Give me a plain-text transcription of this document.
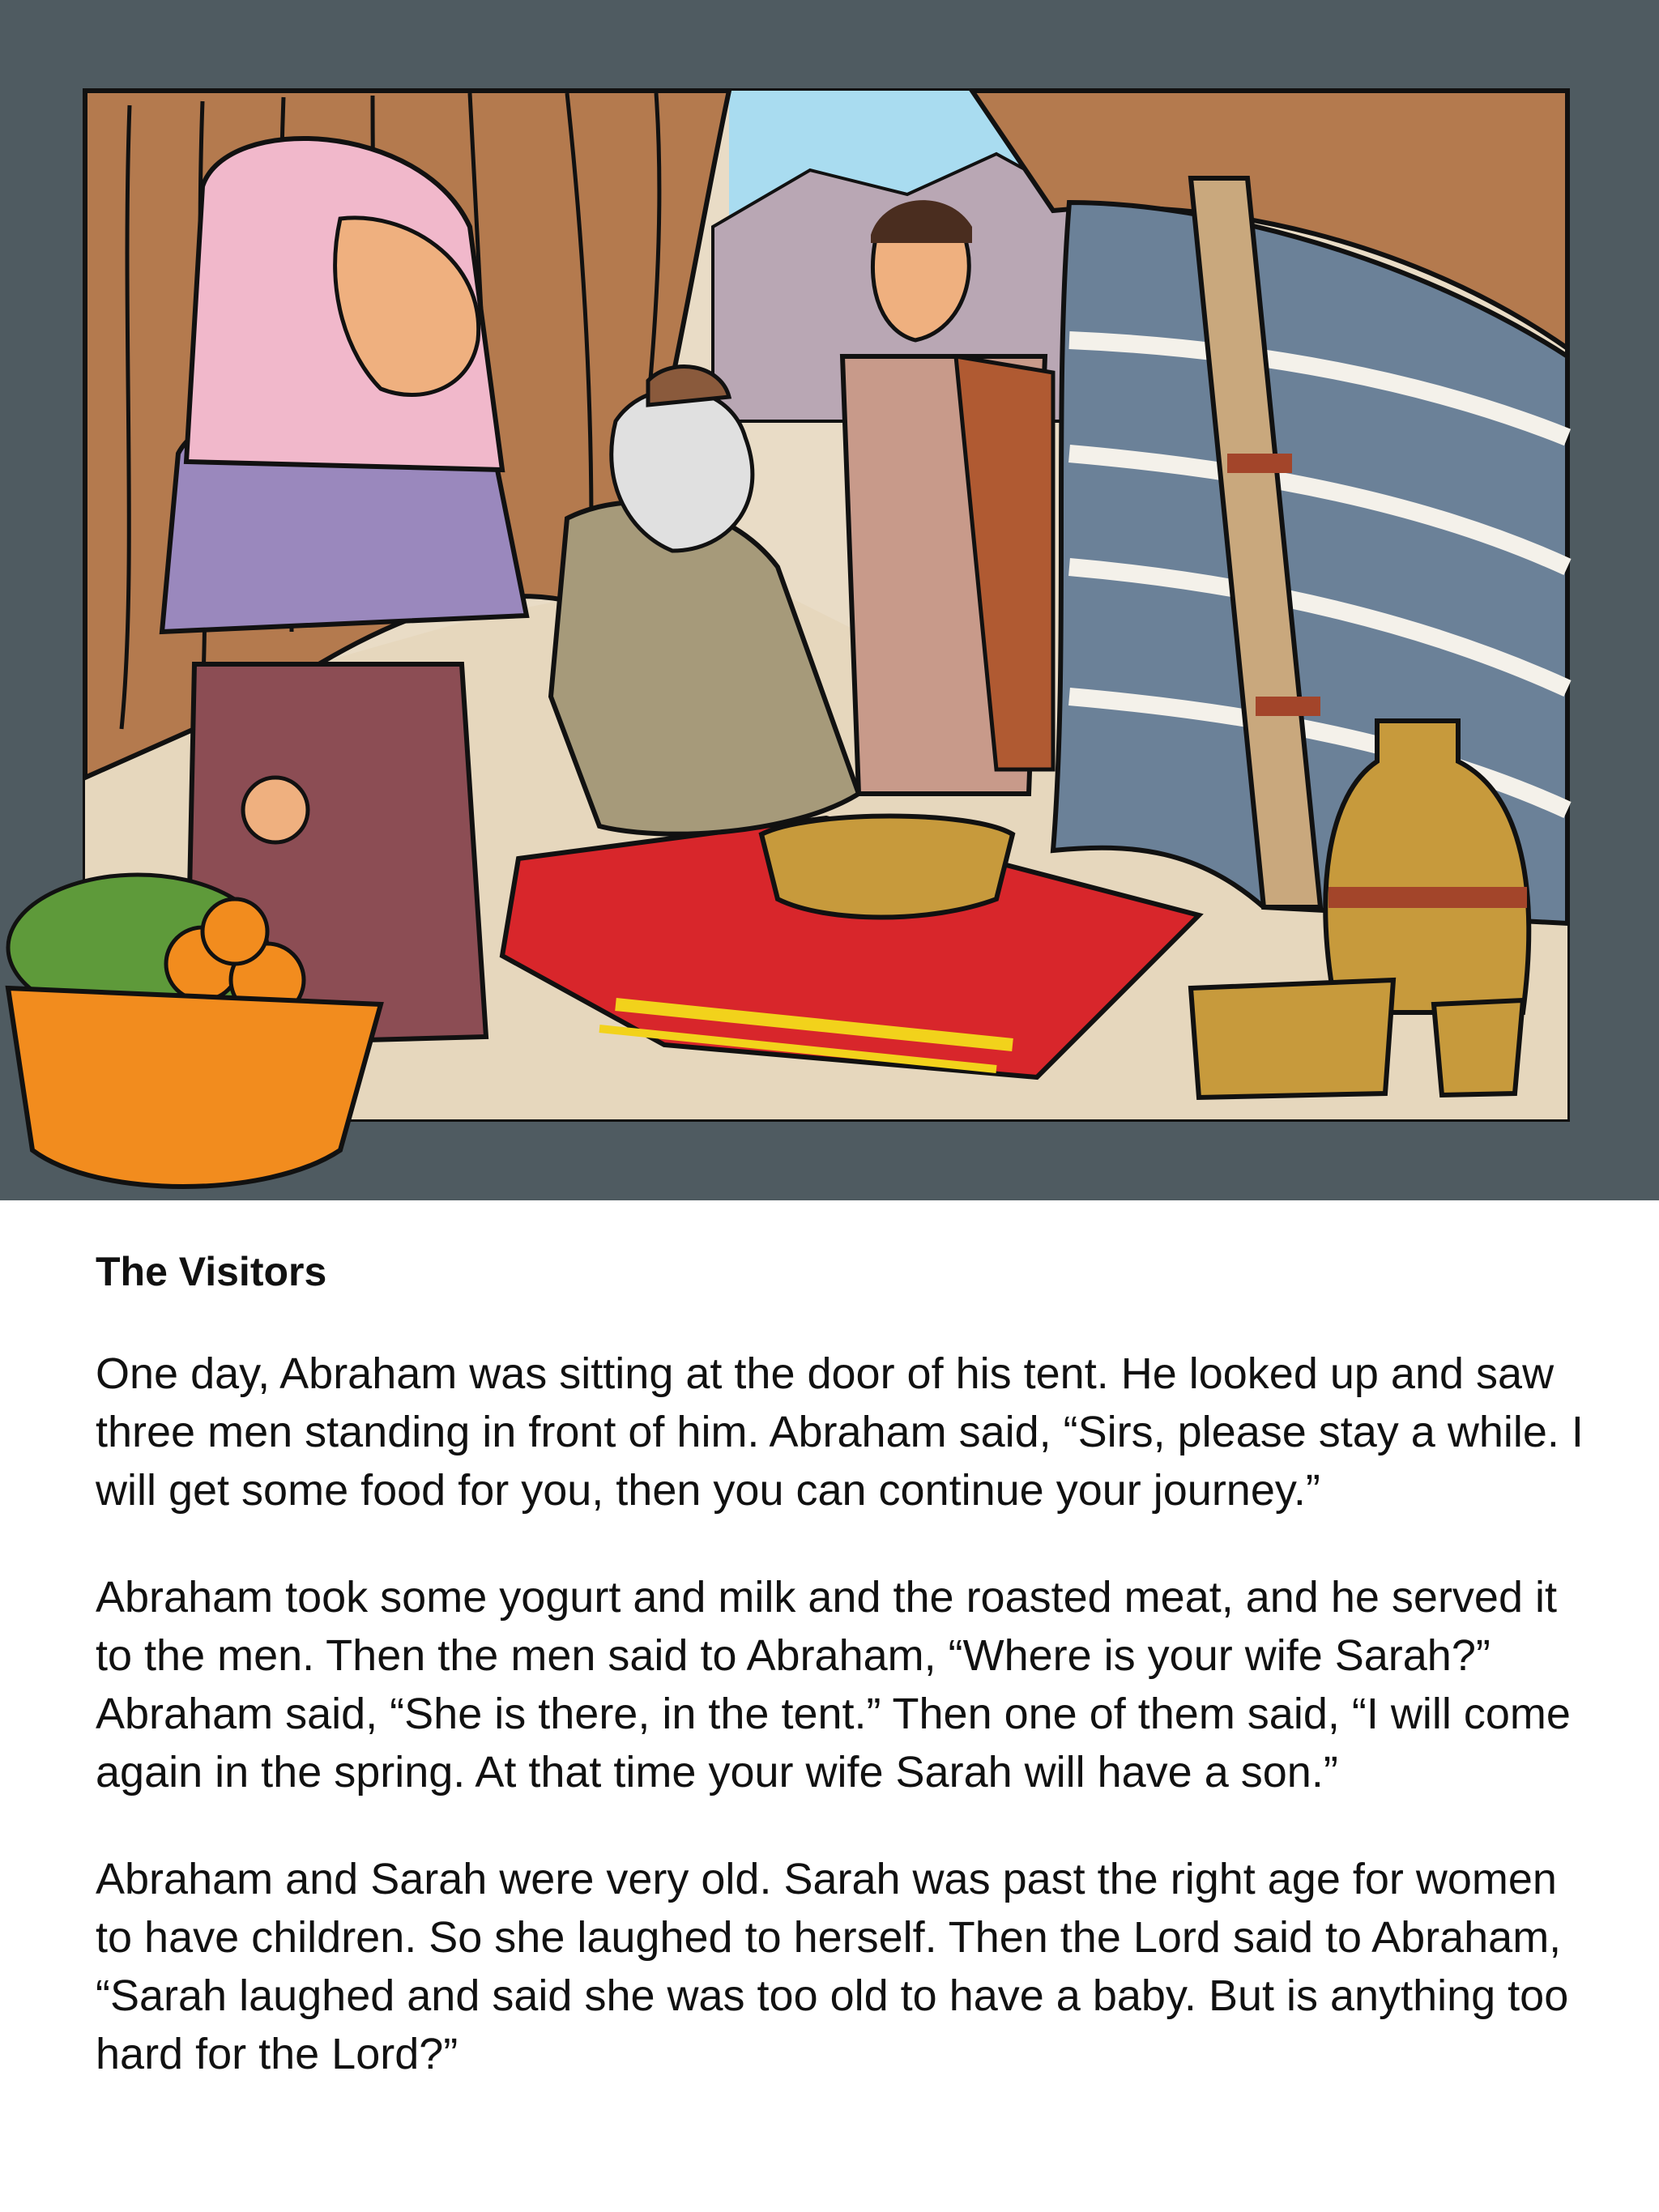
The Visitors

One day, Abraham was sitting at the door of his tent. He looked up and saw three men standing in front of him. Abraham said, “Sirs, please stay a while. I will get some food for you, then you can continue your journey.”

Abraham took some yogurt and milk and the roasted meat, and he served it to the men. Then the men said to Abraham, “Where is your wife Sarah?” Abraham said, “She is there, in the tent.” Then one of them said, “I will come again in the spring. At that time your wife Sarah will have a son.”

Abraham and Sarah were very old. Sarah was past the right age for women to have children. So she laughed to herself. Then the Lord said to Abraham, “Sarah laughed and said she was too old to have a baby. But is anything too hard for the Lord?”
